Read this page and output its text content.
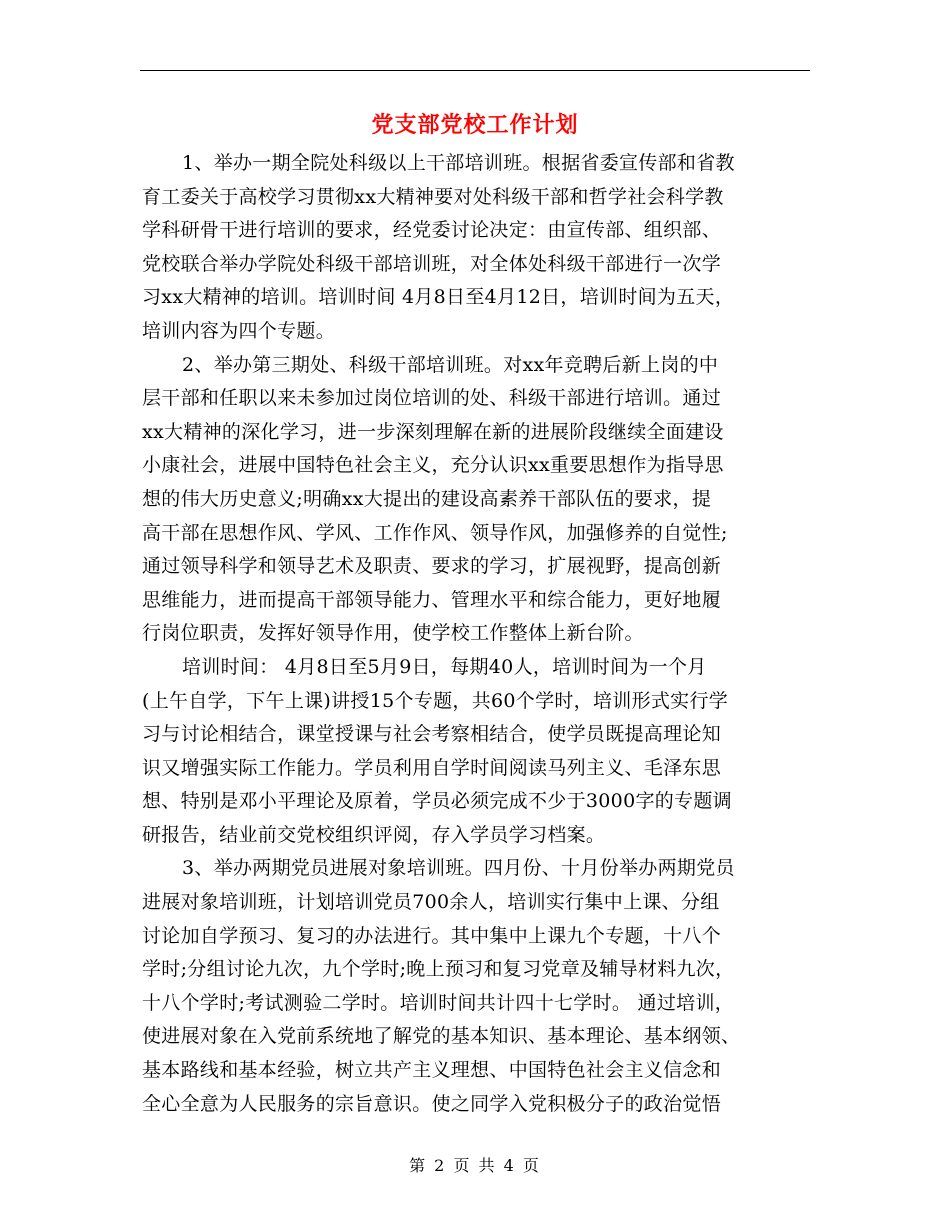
党支部党校工作计划
1、举办一期全院处科级以上干部培训班。根据省委宣传部和省教
育工委关于高校学习贯彻xx大精神要对处科级干部和哲学社会科学教
学科研骨干进行培训的要求，经党委讨论决定：由宣传部、组织部、
党校联合举办学院处科级干部培训班，对全体处科级干部进行一次学
习xx大精神的培训。培训时间 4月8日至4月12日，培训时间为五天，
培训内容为四个专题。
2、举办第三期处、科级干部培训班。对xx年竞聘后新上岗的中
层干部和任职以来未参加过岗位培训的处、科级干部进行培训。通过
xx大精神的深化学习，进一步深刻理解在新的进展阶段继续全面建设
小康社会，进展中国特色社会主义，充分认识xx重要思想作为指导思
想的伟大历史意义;明确xx大提出的建设高素养干部队伍的要求，提
高干部在思想作风、学风、工作作风、领导作风，加强修养的自觉性;
通过领导科学和领导艺术及职责、要求的学习，扩展视野，提高创新
思维能力，进而提高干部领导能力、管理水平和综合能力，更好地履
行岗位职责，发挥好领导作用，使学校工作整体上新台阶。
培训时间： 4月8日至5月9日，每期40人，培训时间为一个月
(上午自学，下午上课)讲授15个专题，共60个学时，培训形式实行学
习与讨论相结合，课堂授课与社会考察相结合，使学员既提高理论知
识又增强实际工作能力。学员利用自学时间阅读马列主义、毛泽东思
想、特别是邓小平理论及原着，学员必须完成不少于3000字的专题调
研报告，结业前交党校组织评阅，存入学员学习档案。
3、举办两期党员进展对象培训班。四月份、十月份举办两期党员
进展对象培训班，计划培训党员700余人，培训实行集中上课、分组
讨论加自学预习、复习的办法进行。其中集中上课九个专题，十八个
学时;分组讨论九次，九个学时;晚上预习和复习党章及辅导材料九次，
十八个学时;考试测验二学时。培训时间共计四十七学时。 通过培训，
使进展对象在入党前系统地了解党的基本知识、基本理论、基本纲领、
基本路线和基本经验，树立共产主义理想、中国特色社会主义信念和
全心全意为人民服务的宗旨意识。使之同学入党积极分子的政治觉悟
第 2 页 共 4 页
